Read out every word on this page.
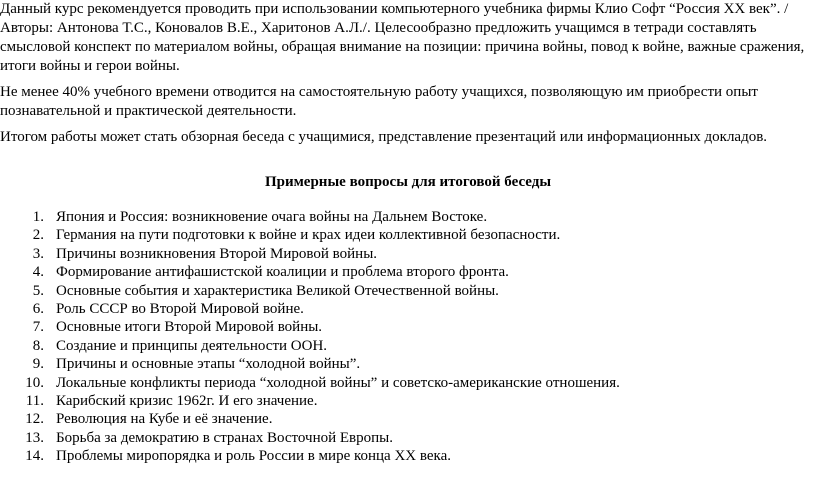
Данный курс рекомендуется проводить при использовании компьютерного учебника фирмы Клио Софт “Россия ХХ век”. /Авторы: Антонова Т.С., Коновалов В.Е., Харитонов А.Л./. Целесообразно предложить учащимся в тетради составлять смысловой конспект по материалом войны, обращая внимание на позиции: причина войны, повод к войне, важные сражения, итоги войны и герои войны.

Не менее 40% учебного времени отводится на самостоятельную работу учащихся, позволяющую им приобрести опыт познавательной и практической деятельности.

Итогом работы может стать обзорная беседа с учащимися, представление презентаций или информационных докладов.

Примерные вопросы для итоговой беседы
1. Япония и Россия: возникновение очага войны на Дальнем Востоке.
2. Германия на пути подготовки к войне и крах идеи коллективной безопасности.
3. Причины возникновения Второй Мировой войны.
4. Формирование антифашистской коалиции и проблема второго фронта.
5. Основные события и характеристика Великой Отечественной войны.
6. Роль СССР во Второй Мировой войне.
7. Основные итоги Второй Мировой войны.
8. Создание и принципы деятельности ООН.
9. Причины и основные этапы “холодной войны”.
10. Локальные конфликты периода “холодной войны” и советско-американские отношения.
11. Карибский кризис 1962г. И его значение.
12. Революция на Кубе и её значение.
13. Борьба за демократию в странах Восточной Европы.
14. Проблемы миропорядка и роль России в мире конца ХХ века.
